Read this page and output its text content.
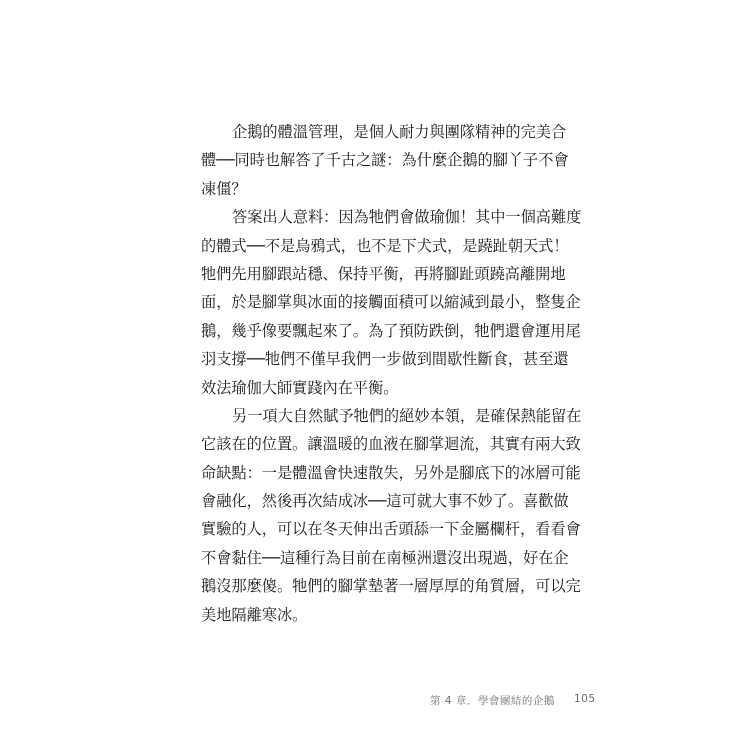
企鵝的體溫管理，是個人耐力與團隊精神的完美合
體──同時也解答了千古之謎：為什麼企鵝的腳丫子不會
凍僵？

答案出人意料：因為牠們會做瑜伽！其中一個高難度
的體式──不是烏鴉式，也不是下犬式，是蹺趾朝天式！
牠們先用腳跟站穩、保持平衡，再將腳趾頭蹺高離開地
面，於是腳掌與冰面的接觸面積可以縮減到最小，整隻企
鵝，幾乎像要飄起來了。為了預防跌倒，牠們還會運用尾
羽支撐──牠們不僅早我們一步做到間歇性斷食，甚至還
效法瑜伽大師實踐內在平衡。

另一項大自然賦予牠們的絕妙本領，是確保熱能留在
它該在的位置。讓溫暖的血液在腳掌迴流，其實有兩大致
命缺點：一是體溫會快速散失，另外是腳底下的冰層可能
會融化，然後再次結成冰──這可就大事不妙了。喜歡做
實驗的人，可以在冬天伸出舌頭舔一下金屬欄杆，看看會
不會黏住──這種行為目前在南極洲還沒出現過，好在企
鵝沒那麼傻。牠們的腳掌墊著一層厚厚的角質層，可以完
美地隔離寒冰。

第 4 章．學會團結的企鵝 105
